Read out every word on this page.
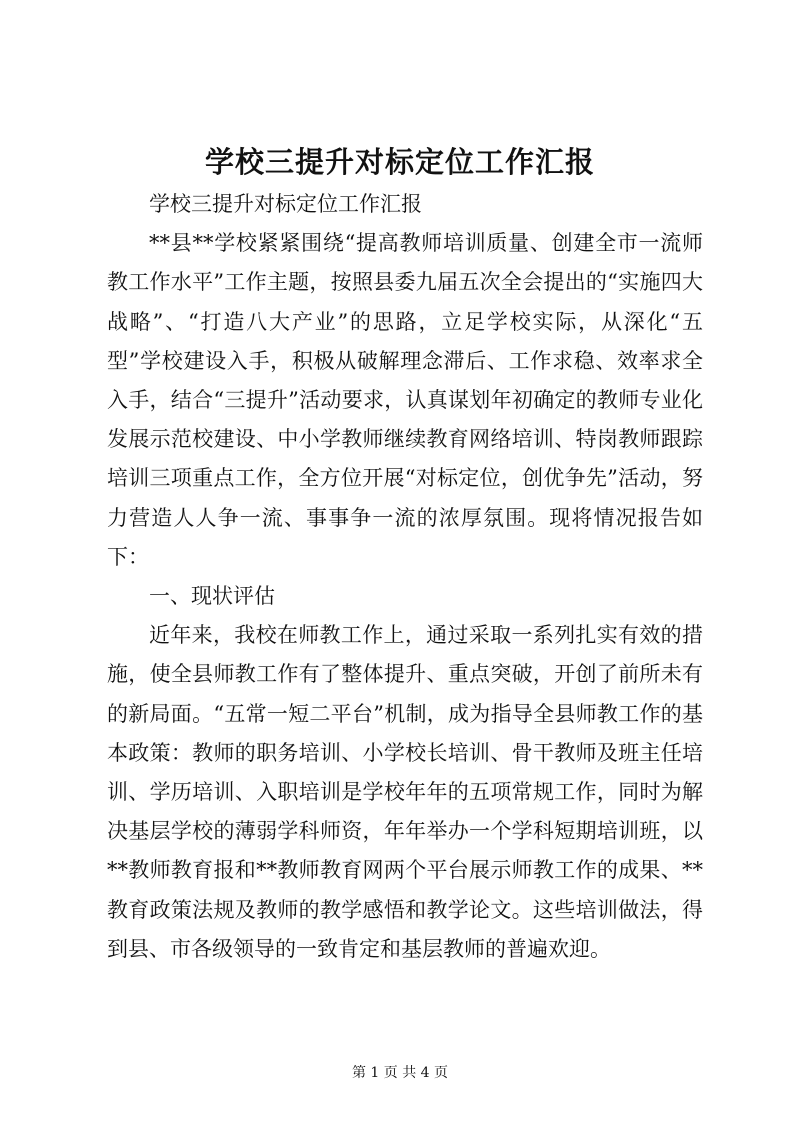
学校三提升对标定位工作汇报

学校三提升对标定位工作汇报

**县**学校紧紧围绕“提高教师培训质量、创建全市一流师教工作水平”工作主题，按照县委九届五次全会提出的“实施四大战略”、“打造八大产业”的思路，立足学校实际，从深化“五型”学校建设入手，积极从破解理念滞后、工作求稳、效率求全入手，结合“三提升”活动要求，认真谋划年初确定的教师专业化发展示范校建设、中小学教师继续教育网络培训、特岗教师跟踪培训三项重点工作，全方位开展“对标定位，创优争先”活动，努力营造人人争一流、事事争一流的浓厚氛围。现将情况报告如下：

一、现状评估

近年来，我校在师教工作上，通过采取一系列扎实有效的措施，使全县师教工作有了整体提升、重点突破，开创了前所未有的新局面。“五常一短二平台”机制，成为指导全县师教工作的基本政策：教师的职务培训、小学校长培训、骨干教师及班主任培训、学历培训、入职培训是学校年年的五项常规工作，同时为解决基层学校的薄弱学科师资，年年举办一个学科短期培训班，以**教师教育报和**教师教育网两个平台展示师教工作的成果、**教育政策法规及教师的教学感悟和教学论文。这些培训做法，得到县、市各级领导的一致肯定和基层教师的普遍欢迎。

第 1 页 共 4 页
